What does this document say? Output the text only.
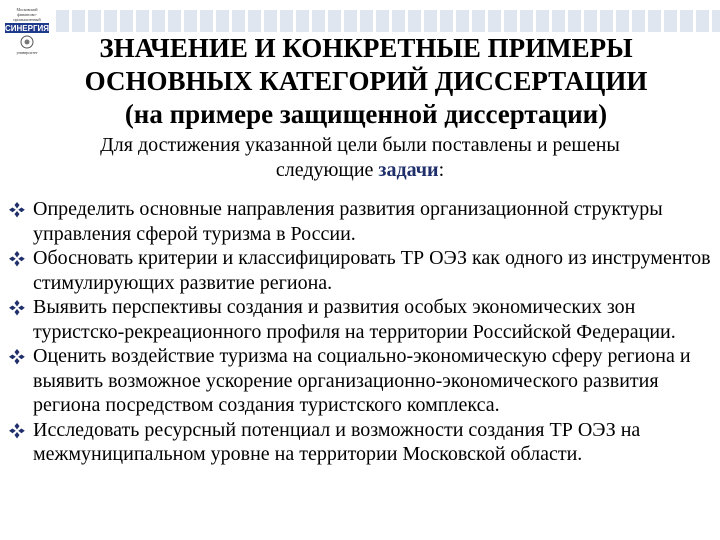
Московский
финансово-
промышленный
СИНЕРГИЯ
университет	ЗНАЧЕНИЕ И КОНКРЕТНЫЕ ПРИМЕРЫ
ОСНОВНЫХ КАТЕГОРИЙ ДИССЕРТАЦИИ
(на примере защищенной диссертации)
Для достижения указанной цели были поставлены и решены
следующие задачи:
Определить основные направления развития организационной структуры управления сферой туризма в России.
Обосновать критерии и классифицировать ТР ОЭЗ как одного из инструментов стимулирующих развитие региона.
Выявить перспективы создания и развития особых экономических зон туристско-рекреационного профиля на территории Российской Федерации.
Оценить воздействие туризма на социально-экономическую сферу региона и выявить возможное ускорение организационно-экономического развития региона посредством создания туристского комплекса.
Исследовать ресурсный потенциал и возможности создания ТР ОЭЗ на межмуниципальном уровне на территории Московской области.
